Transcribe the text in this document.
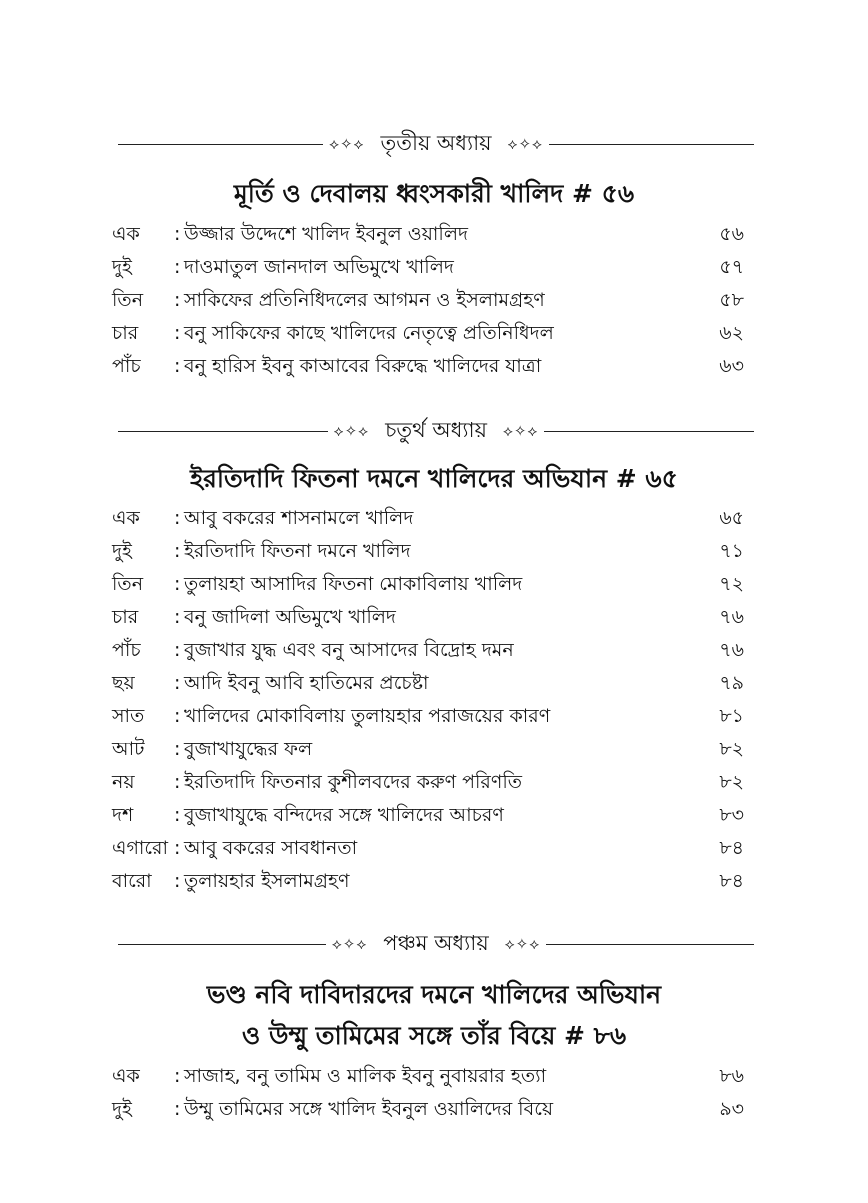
⟡✧⟡ তৃতীয় অধ্যায়	⟡✧⟡
মূর্তি ও দেবালয় ধ্বংসকারী খালিদ # ৫৬
এক	: উজ্জার উদ্দেশে খালিদ ইবনুল ওয়ালিদ	৫৬
দুই	: দাওমাতুল জানদাল অভিমুখে খালিদ	৫৭
তিন	: সাকিফের প্রতিনিধিদলের আগমন ও ইসলামগ্রহণ	৫৮
চার	: বনু সাকিফের কাছে খালিদের নেতৃত্বে প্রতিনিধিদল	৬২
পাঁচ	: বনু হারিস ইবনু কাআবের বিরুদ্ধে খালিদের যাত্রা	৬৩
⟡✧⟡ চতুর্থ অধ্যায়	⟡✧⟡
ইরতিদাদি ফিতনা দমনে খালিদের অভিযান # ৬৫
এক	: আবু বকরের শাসনামলে খালিদ	৬৫
দুই	: ইরতিদাদি ফিতনা দমনে খালিদ	৭১
তিন	: তুলায়হা আসাদির ফিতনা মোকাবিলায় খালিদ	৭২
চার	: বনু জাদিলা অভিমুখে খালিদ	৭৬
পাঁচ	: বুজাখার যুদ্ধ এবং বনু আসাদের বিদ্রোহ দমন	৭৬
ছয়	: আদি ইবনু আবি হাতিমের প্রচেষ্টা	৭৯
সাত	: খালিদের মোকাবিলায় তুলায়হার পরাজয়ের কারণ	৮১
আট	: বুজাখাযুদ্ধের ফল	৮২
নয়	: ইরতিদাদি ফিতনার কুশীলবদের করুণ পরিণতি	৮২
দশ	: বুজাখাযুদ্ধে বন্দিদের সঙ্গে খালিদের আচরণ	৮৩
এগারো : আবু বকরের সাবধানতা	৮৪
বারো	: তুলায়হার ইসলামগ্রহণ	৮৪
⟡✧⟡ পঞ্চম অধ্যায়	⟡✧⟡
ভণ্ড নবি দাবিদারদের দমনে খালিদের অভিযান
ও উম্মু তামিমের সঙ্গে তাঁর বিয়ে # ৮৬
এক	: সাজাহ, বনু তামিম ও মালিক ইবনু নুবায়রার হত্যা	৮৬
দুই	: উম্মু তামিমের সঙ্গে খালিদ ইবনুল ওয়ালিদের বিয়ে	৯৩
